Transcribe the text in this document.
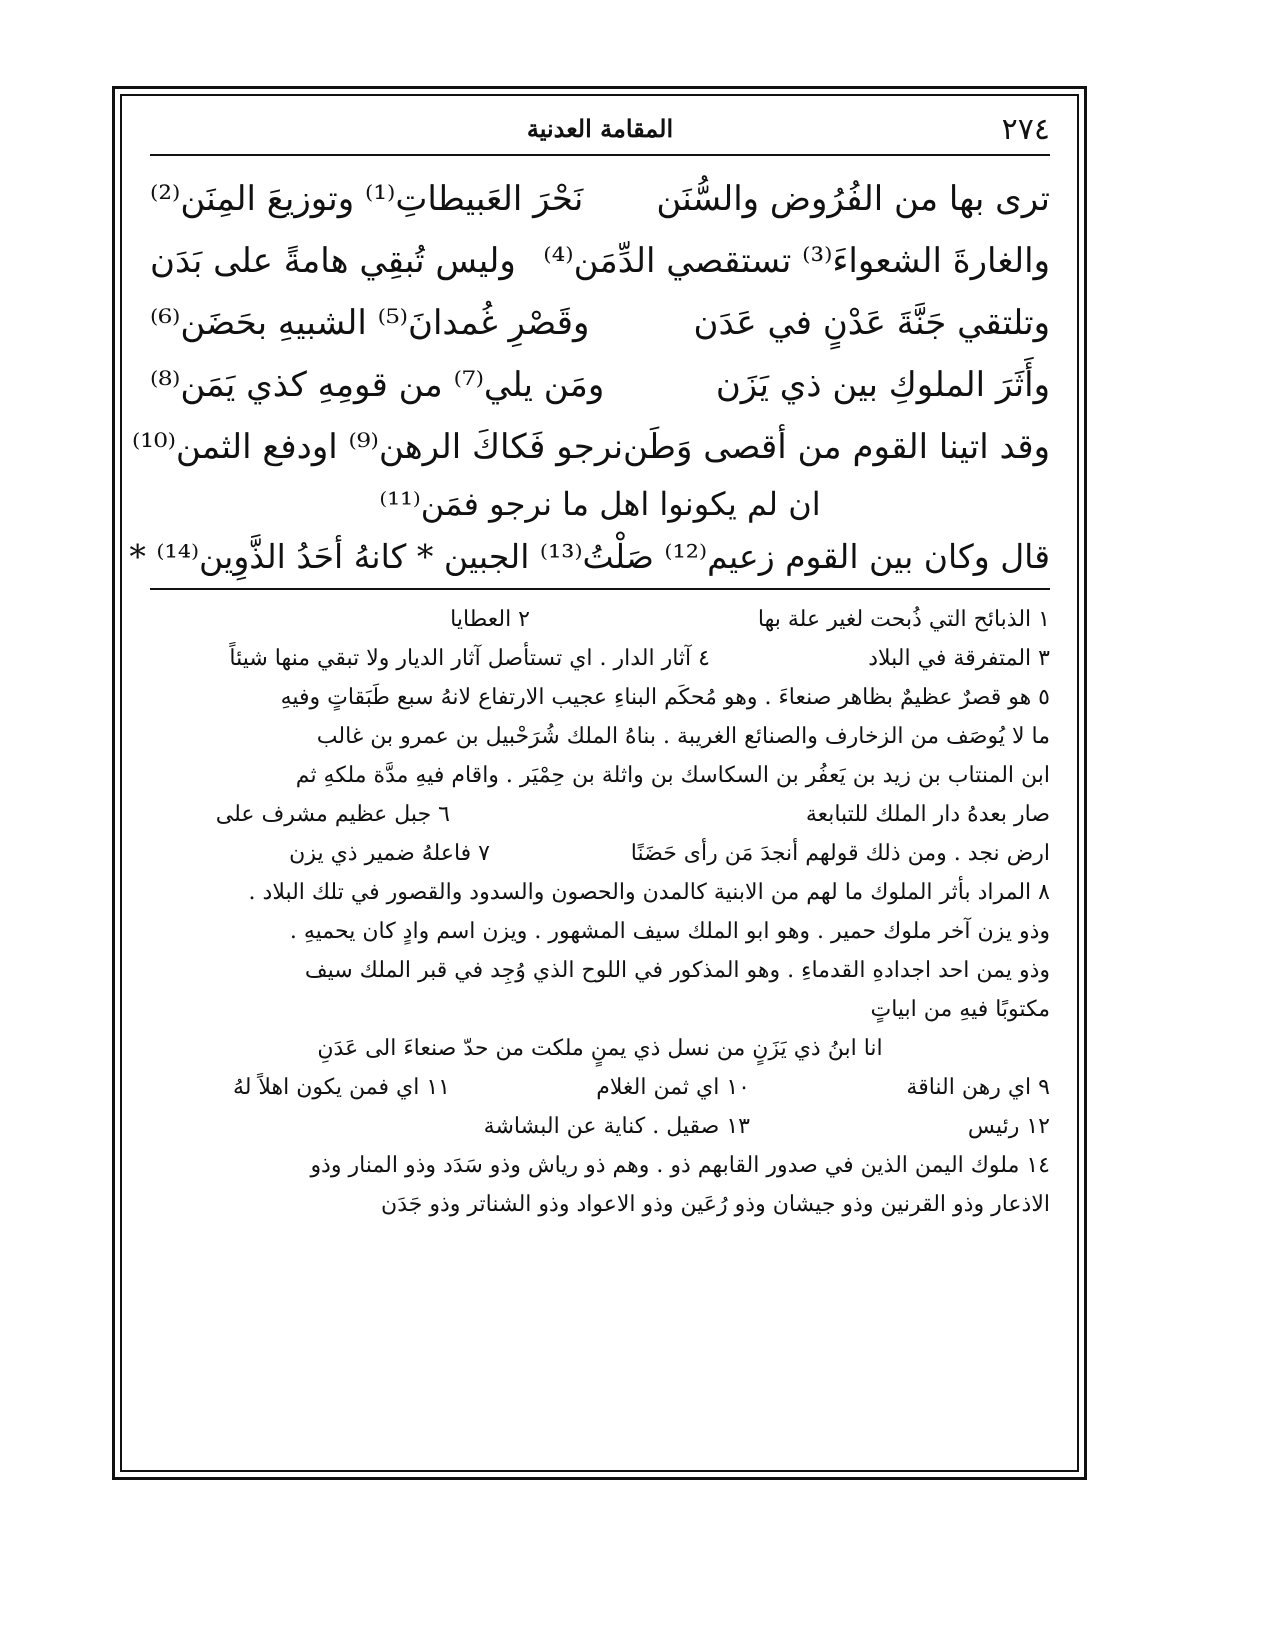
٢٧٤
المقامة العدنية
ترى بها من الفُرُوض والسُّنَن
نَحْرَ العَبيطاتِ⁽¹⁾ وتوزيعَ المِنَن⁽²⁾
والغارةَ الشعواءَ⁽³⁾ تستقصي الدِّمَن⁽⁴⁾
وليس تُبقِي هامةً على بَدَن
وتلتقي جَنَّةَ عَدْنٍ في عَدَن
وقَصْرِ غُمدانَ⁽⁵⁾ الشبيهِ بحَضَن⁽⁶⁾
وأَثَرَ الملوكِ بين ذي يَزَن
ومَن يلي⁽⁷⁾ من قومِهِ كذي يَمَن⁽⁸⁾
وقد اتينا القوم من أقصى وَطَن
نرجو فَكاكَ الرهن⁽⁹⁾ اودفع الثمن⁽¹⁰⁾
ان لم يكونوا اهل ما نرجو فمَن⁽¹¹⁾
قال وكان بين القوم زعيم⁽¹²⁾ صَلْتُ⁽¹³⁾ الجبين * كانهُ أحَدُ الذَّوِين⁽¹⁴⁾ *
١ الذبائح التي ذُبحت لغير علة بها
٢ العطايا
٣ المتفرقة في البلاد
٤ آثار الدار . اي تستأصل آثار الديار ولا تبقي منها شيئاً
٥ هو قصرٌ عظيمٌ بظاهر صنعاءَ . وهو مُحكَم البناءِ عجيب الارتفاع لانهُ سبع طَبَقاتٍ وفيهِ
ما لا يُوصَف من الزخارف والصنائع الغريبة . بناهُ الملك شُرَحْبيل بن عمرو بن غالب
ابن المنتاب بن زيد بن يَعفُر بن السكاسك بن واثلة بن حِمْيَر . واقام فيهِ مدَّة ملكهِ ثم
صار بعدهُ دار الملك للتبابعة
٦ جبل عظيم مشرف على
ارض نجد . ومن ذلك قولهم أنجدَ مَن رأى حَضَنًا
٧ فاعلهُ ضمير ذي يزن
٨ المراد بأثر الملوك ما لهم من الابنية كالمدن والحصون والسدود والقصور في تلك البلاد .
وذو يزن آخر ملوك حمير . وهو ابو الملك سيف المشهور . ويزن اسم وادٍ كان يحميهِ .
وذو يمن احد اجدادهِ القدماءِ . وهو المذكور في اللوح الذي وُجِد في قبر الملك سيف
مكتوبًا فيهِ من ابياتٍ
انا ابنُ ذي يَزَنٍ من نسل ذي يمنٍ ملكت من حدّ صنعاءَ الى عَدَنِ
٩ اي رهن الناقة
١٠ اي ثمن الغلام
١١ اي فمن يكون اهلاً لهُ
١٢ رئيس
١٣ صقيل . كناية عن البشاشة
١٤ ملوك اليمن الذين في صدور القابهم ذو . وهم ذو رياش وذو سَدَد وذو المنار وذو
الاذعار وذو القرنين وذو جيشان وذو رُعَين وذو الاعواد وذو الشناتر وذو جَدَن
